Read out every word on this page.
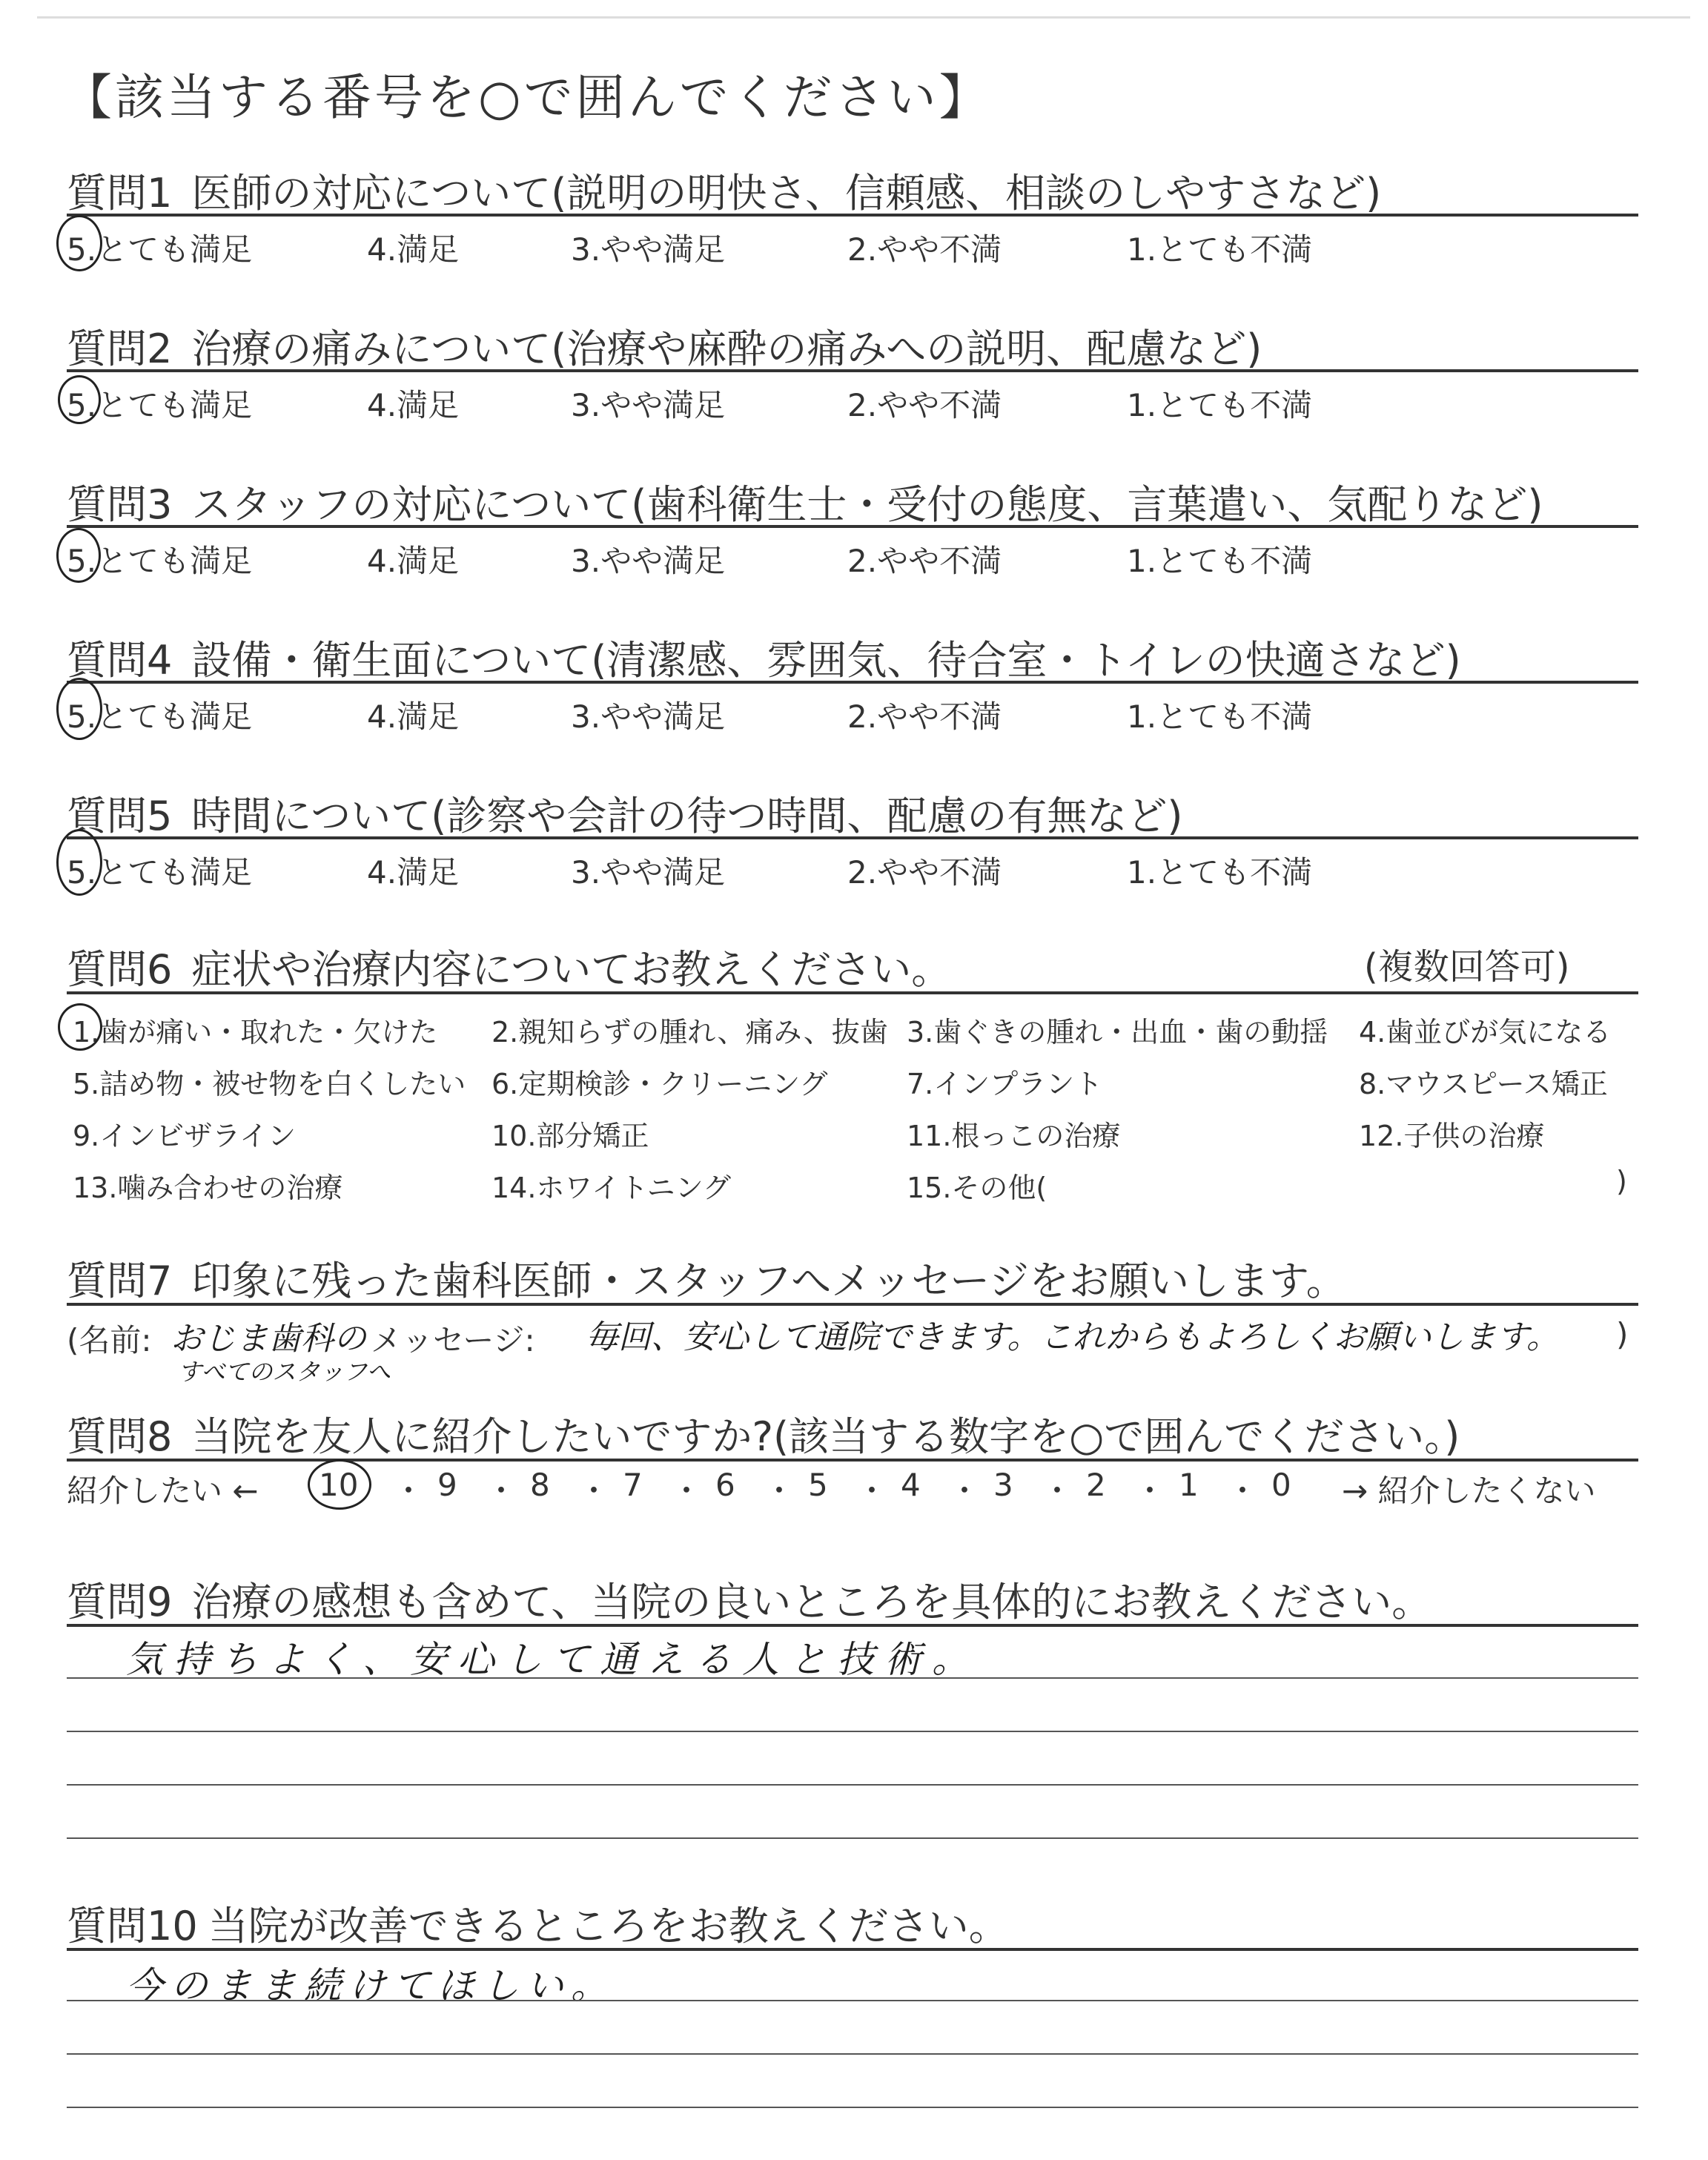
【該当する番号を○で囲んでください】
質問1 医師の対応について(説明の明快さ、信頼感、相談のしやすさなど)
5.とても満足	4.満足	3.やや満足	2.やや不満	1.とても不満
質問2 治療の痛みについて(治療や麻酔の痛みへの説明、配慮など)
5.とても満足	4.満足	3.やや満足	2.やや不満	1.とても不満
質問3 スタッフの対応について(歯科衛生士・受付の態度、言葉遣い、気配りなど)
5.とても満足	4.満足	3.やや満足	2.やや不満	1.とても不満
質問4 設備・衛生面について(清潔感、雰囲気、待合室・トイレの快適さなど)
5.とても満足	4.満足	3.やや満足	2.やや不満	1.とても不満
質問5 時間について(診察や会計の待つ時間、配慮の有無など)
5.とても満足	4.満足	3.やや満足	2.やや不満	1.とても不満
質問6 症状や治療内容についてお教えください。	(複数回答可)
1.歯が痛い・取れた・欠けた 2.親知らずの腫れ、痛み、抜歯 3.歯ぐきの腫れ・出血・歯の動揺 4.歯並びが気になる
5.詰め物・被せ物を白くしたい 6.定期検診・クリーニング	7.インプラント	8.マウスピース矯正
9.インビザライン	10.部分矯正	11.根っこの治療	12.子供の治療
13.噛み合わせの治療	14.ホワイトニング	15.その他(	)
質問7 印象に残った歯科医師・スタッフへメッセージをお願いします。
(名前: おじま歯科の
すべてのスタッフへ
メッセージ: 毎回、安心して通院できます。これからもよろしくお願いします。 )
質問8 当院を友人に紹介したいですか?(該当する数字を○で囲んでください。)
紹介したい ← 10 ・ 9 ・ 8 ・ 7 ・ 6 ・ 5 ・ 4 ・ 3 ・ 2 ・ 1 ・ 0 → 紹介したくない
質問9 治療の感想も含めて、当院の良いところを具体的にお教えください。
気持ちよく、安心して通える人と技術。
質問10 当院が改善できるところをお教えください。
今のまま続けてほしい。
